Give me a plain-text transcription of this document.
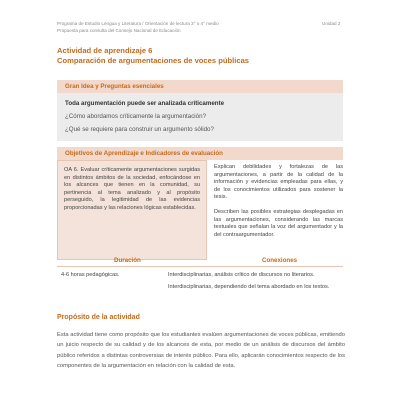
Programa de Estudio Lengua y Literatura / Orientación de lectura 3° o 4° medio
Propuesta para consulta del Consejo Nacional de Educación
Unidad 2
Actividad de aprendizaje 6
Comparación de argumentaciones de voces públicas
Gran Idea y Preguntas esenciales
Toda argumentación puede ser analizada críticamente
¿Cómo abordamos críticamente la argumentación?
¿Qué se requiere para construir un argumento sólido?
Objetivos de Aprendizaje e Indicadores de evaluación

OA 6. Evaluar críticamente argumentaciones surgidas en distintos ámbitos de la sociedad, enfocándose en los alcances que tienen en la comunidad, su pertinencia al tema analizado y al propósito perseguido, la legitimidad de las evidencias proporcionadas y las relaciones lógicas establecidas.

Explican debilidades y fortalezas de las argumentaciones, a partir de la calidad de la información y evidencias empleadas para ellas, y de los conocimientos utilizados para sostener la tesis.

Describen las posibles estrategias desplegadas en las argumentaciones, considerando las marcas textuales que señalan la voz del argumentador y la del contraargumentador.

Duración	Conexiones
4-6 horas pedagógicas.	Interdisciplinarias, análisis crítico de discursos no literarios.
Interdisciplinarias, dependiendo del tema abordado en los textos.
Propósito de la actividad

Esta actividad tiene como propósito que los estudiantes evalúen argumentaciones de voces públicas, emitiendo un juicio respecto de su calidad y de los alcances de esta, por medio de un análisis de discursos del ámbito público referidos a distintas controversias de interés público. Para ello, aplicarán conocimientos respecto de los componentes de la argumentación en relación con la calidad de esta.
